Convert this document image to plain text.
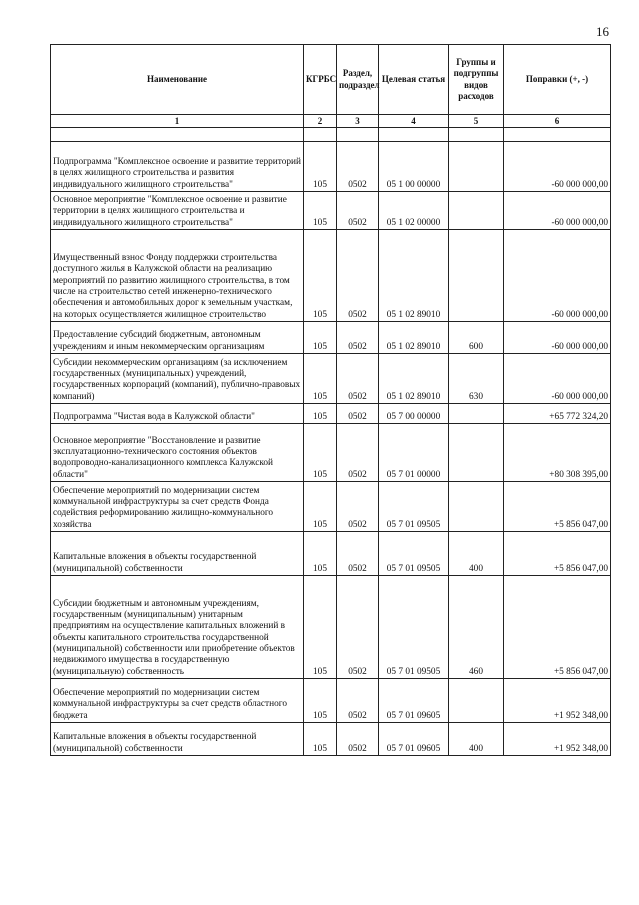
16
Наименование	КГРБС	Раздел, подраздел	Целевая статья	Группы и подгруппы видов расходов	Поправки (+, -)
1	2	3	4	5	6

Подпрограмма "Комплексное освоение и развитие территорий в целях жилищного строительства и развития индивидуального жилищного строительства"	105	0502	05 1 00 00000		-60 000 000,00
Основное мероприятие "Комплексное освоение и развитие территории в целях жилищного строительства и индивидуального жилищного строительства"	105	0502	05 1 02 00000		-60 000 000,00
Имущественный взнос Фонду поддержки строительства доступного жилья в Калужской области на реализацию мероприятий по развитию жилищного строительства, в том числе на строительство сетей инженерно-технического обеспечения и автомобильных дорог к земельным участкам, на которых осуществляется жилищное строительство	105	0502	05 1 02 89010		-60 000 000,00
Предоставление субсидий бюджетным, автономным учреждениям и иным некоммерческим организациям	105	0502	05 1 02 89010	600	-60 000 000,00
Субсидии некоммерческим организациям (за исключением государственных (муниципальных) учреждений, государственных корпораций (компаний), публично-правовых компаний)	105	0502	05 1 02 89010	630	-60 000 000,00
Подпрограмма "Чистая вода в Калужской области"	105	0502	05 7 00 00000		+65 772 324,20
Основное мероприятие "Восстановление и развитие эксплуатационно-технического состояния объектов водопроводно-канализационного комплекса Калужской области"	105	0502	05 7 01 00000		+80 308 395,00
Обеспечение мероприятий по модернизации систем коммунальной инфраструктуры за счет средств Фонда содействия реформированию жилищно-коммунального хозяйства	105	0502	05 7 01 09505		+5 856 047,00
Капитальные вложения в объекты государственной (муниципальной) собственности	105	0502	05 7 01 09505	400	+5 856 047,00
Субсидии бюджетным и автономным учреждениям, государственным (муниципальным) унитарным предприятиям на осуществление капитальных вложений в объекты капитального строительства государственной (муниципальной) собственности или приобретение объектов недвижимого имущества в государственную (муниципальную) собственность	105	0502	05 7 01 09505	460	+5 856 047,00
Обеспечение мероприятий по модернизации систем коммунальной инфраструктуры за счет средств областного бюджета	105	0502	05 7 01 09605		+1 952 348,00
Капитальные вложения в объекты государственной (муниципальной) собственности	105	0502	05 7 01 09605	400	+1 952 348,00
